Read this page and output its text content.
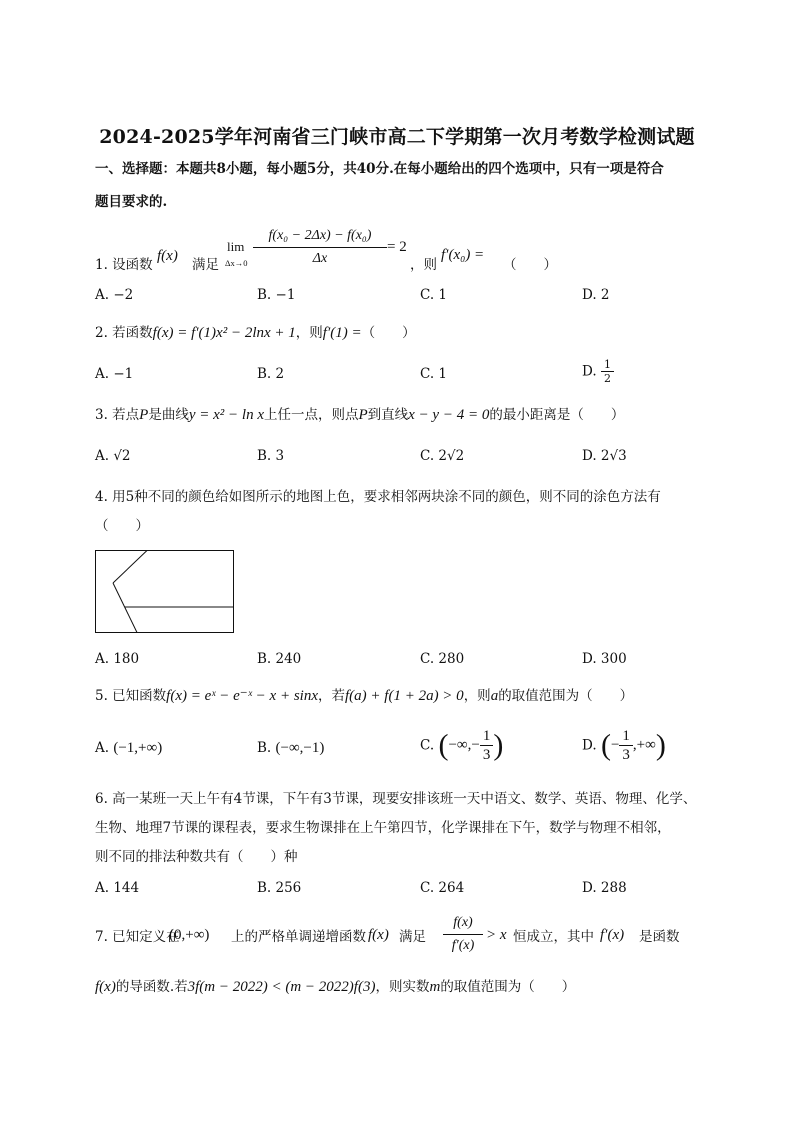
2024-2025学年河南省三门峡市高二下学期第一次月考数学检测试题
一、选择题：本题共8小题，每小题5分，共40分.在每小题给出的四个选项中，只有一项是符合
题目要求的.
1. 设函数
f(x)
满足
lim
$\Delta x\to 0 \frac{\text{f(x₀ − 2Δx) − f(x₀)}}{\Delta x} = 2$
，则
f′(x₀) =
（　　）
A. −2	B. −1	C. 1	D. 2
2. 若函数f(x) = f′(1)x² − 2lnx + 1，则f′(1) =（　　）
A. −1	B. 2	C. 1	D. $\frac{1}{2}$
3. 若点P是曲线y = x² − ln x上任一点，则点P到直线x − y − 4 = 0的最小距离是（　　）
A. √2	B. 3	C. 2√2	D. 2√3
4. 用5种不同的颜色给如图所示的地图上色，要求相邻两块涂不同的颜色，则不同的涂色方法有
（　　）
A. 180	B. 240	C. 280	D. 300
5. 已知函数f(x) = eˣ − e⁻ˣ − x + sinx，若f(a) + f(1 + 2a) > 0，则a的取值范围为（　　）
A. (−1,+∞)	B. (−∞,−1)	C. (−∞,− $\frac{1}{3}$ )	D. (− $\frac{1}{3}$ ,+∞)
6. 高一某班一天上午有4节课，下午有3节课，现要安排该班一天中语文、数学、英语、物理、化学、
生物、地理7节课的课程表，要求生物课排在上午第四节，化学课排在下午，数学与物理不相邻，
则不同的排法种数共有（　　）种
A. 144	B. 256	C. 264	D. 288
7. 已知定义在
(0,+∞) 上的严格单调递增函数 f(x) 满足 $\frac{f(x)}{f'(x)} > x$ 恒成立，其中 f′(x) 是函数
f(x)的导函数.若3f(m − 2022) < (m − 2022)f(3)，则实数m的取值范围为（　　）
